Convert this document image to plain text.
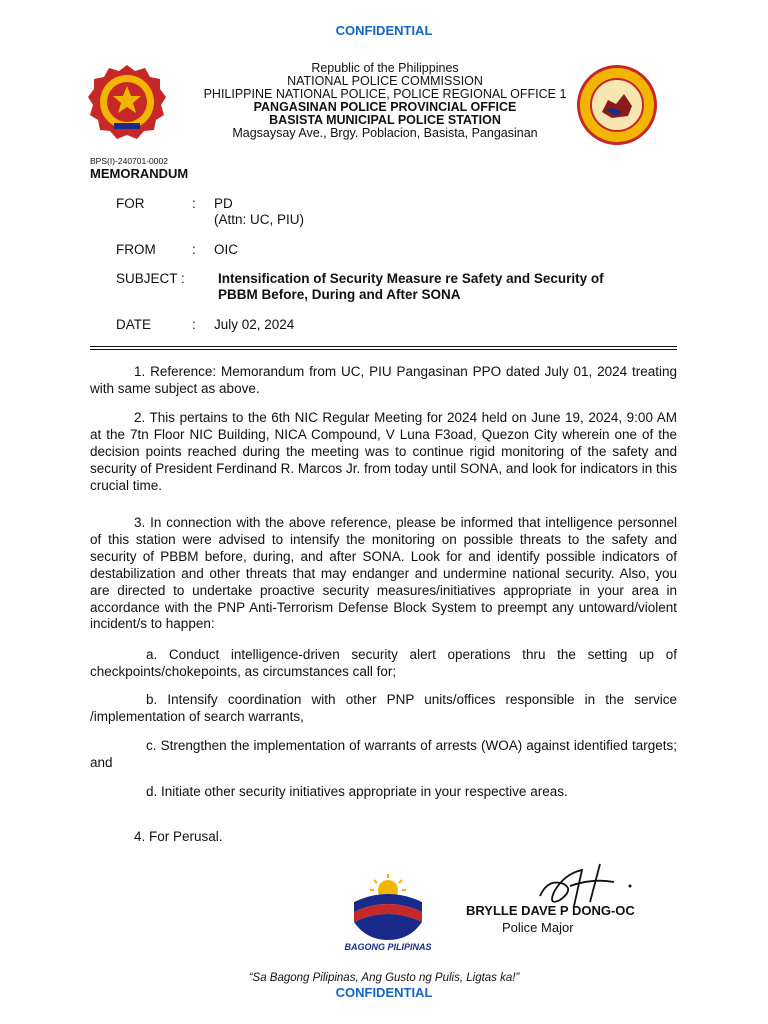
CONFIDENTIAL
Republic of the Philippines
NATIONAL POLICE COMMISSION
PHILIPPINE NATIONAL POLICE, POLICE REGIONAL OFFICE 1
PANGASINAN POLICE PROVINCIAL OFFICE
BASISTA MUNICIPAL POLICE STATION
Magsaysay Ave., Brgy. Poblacion, Basista, Pangasinan
BPS(I)-240701-0002
MEMORANDUM
FOR	: PD
(Attn: UC, PIU)
FROM	: OIC
SUBJECT :	Intensification of Security Measure re Safety and Security of
PBBM Before, During and After SONA
DATE	: July 02, 2024
1. Reference: Memorandum from UC, PIU Pangasinan PPO dated July 01, 2024 treating with same subject as above.
2. This pertains to the 6th NIC Regular Meeting for 2024 held on June 19, 2024, 9:00 AM at the 7tn Floor NIC Building, NICA Compound, V Luna F3oad, Quezon City wherein one of the decision points reached during the meeting was to continue rigid monitoring of the safety and security of President Ferdinand R. Marcos Jr. from today until SONA, and look for indicators in this crucial time.
3. In connection with the above reference, please be informed that intelligence personnel of this station were advised to intensify the monitoring on possible threats to the safety and security of PBBM before, during, and after SONA. Look for and identify possible indicators of destabilization and other threats that may endanger and undermine national security. Also, you are directed to undertake proactive security measures/initiatives appropriate in your area in accordance with the PNP Anti-Terrorism Defense Block System to preempt any untoward/violent incident/s to happen:
a. Conduct intelligence-driven security alert operations thru the setting up of checkpoints/chokepoints, as circumstances call for;
b. Intensify coordination with other PNP units/offices responsible in the service /implementation of search warrants,
c. Strengthen the implementation of warrants of arrests (WOA) against identified targets; and
d. Initiate other security initiatives appropriate in your respective areas.
4. For Perusal.
BAGONG PILIPINAS
BRYLLE DAVE P DONG-OC
Police Major
“Sa Bagong Pilipinas, Ang Gusto ng Pulis, Ligtas ka!”
CONFIDENTIAL
